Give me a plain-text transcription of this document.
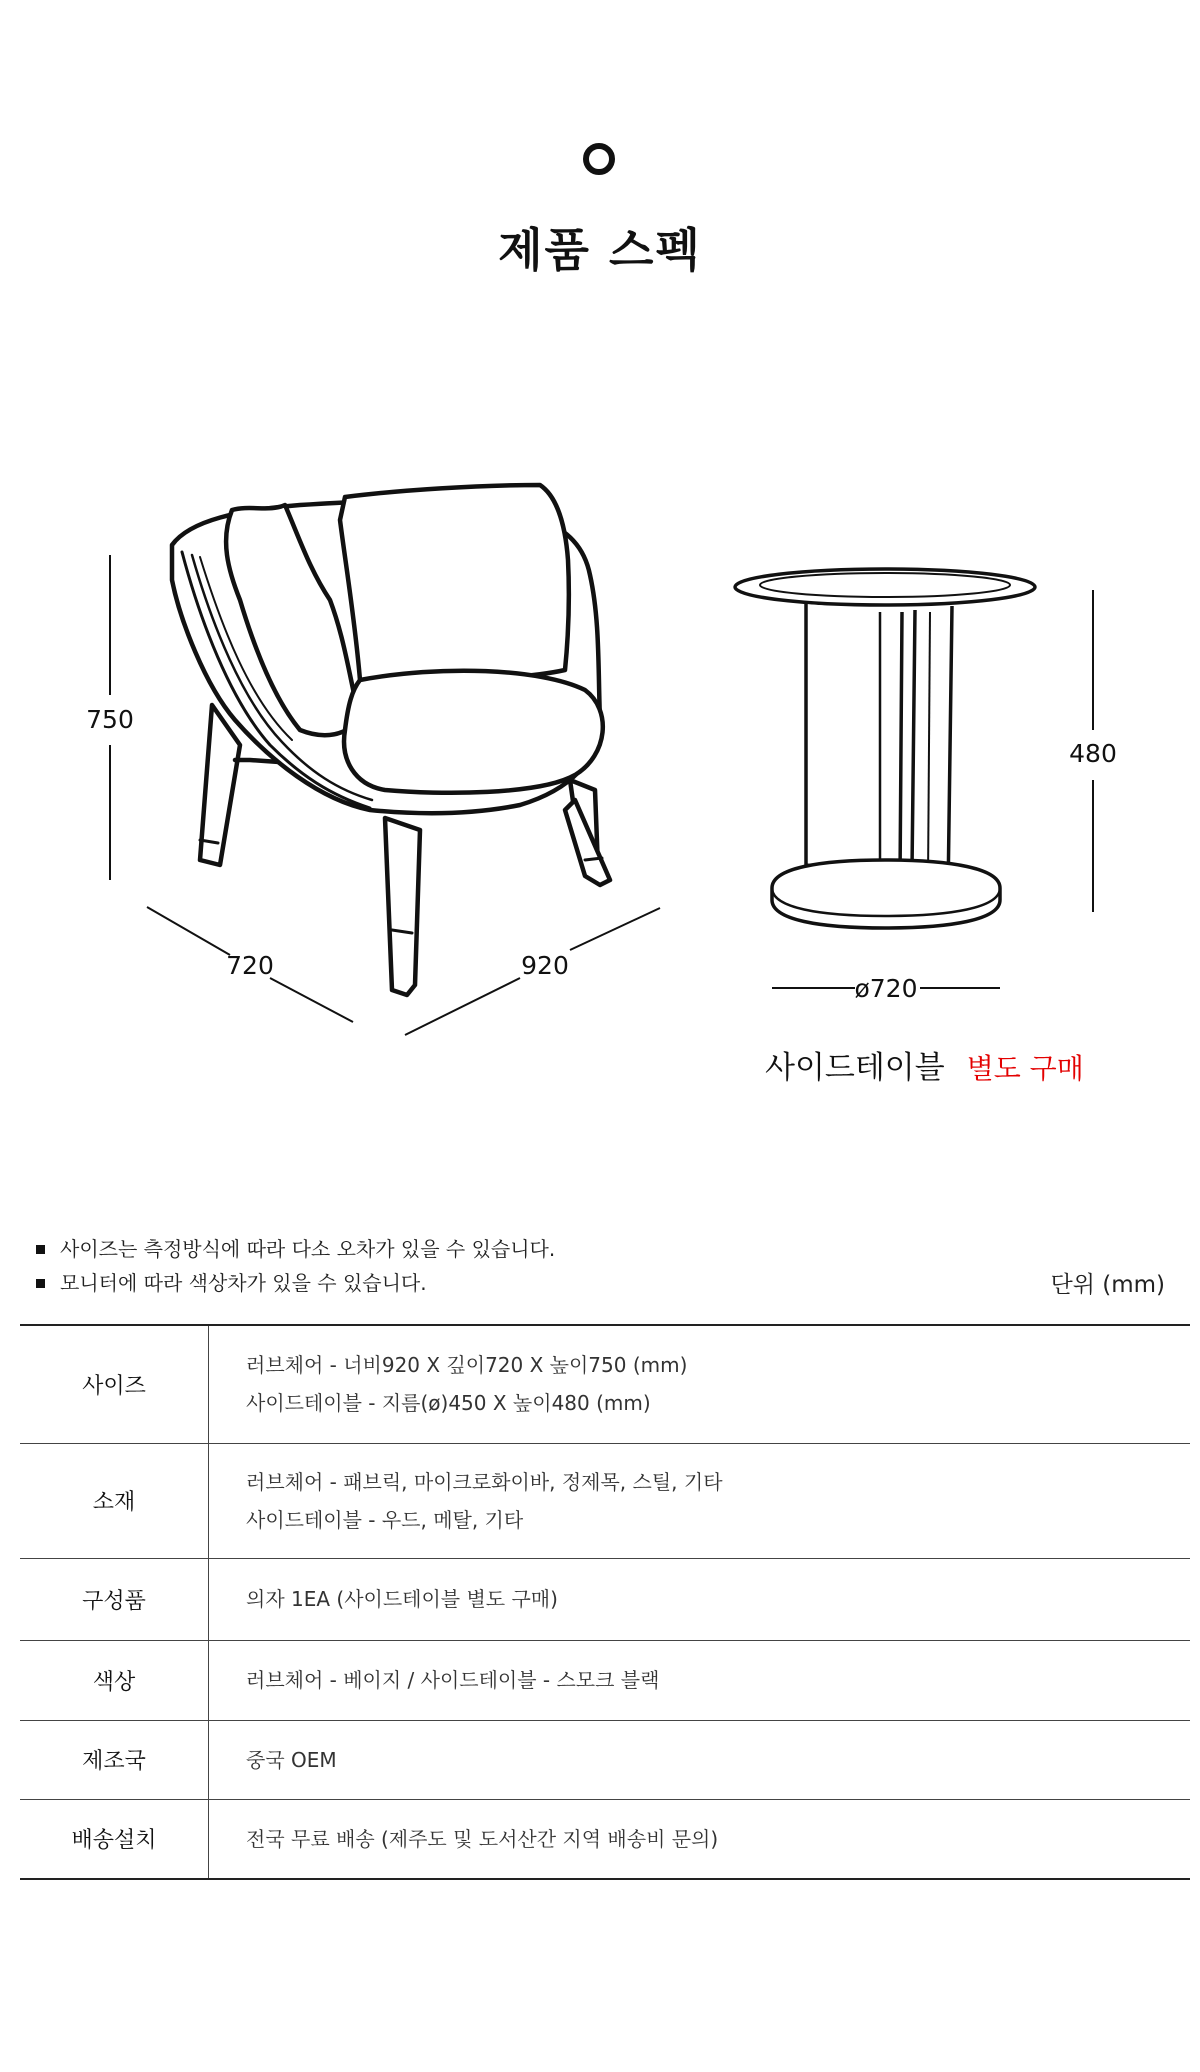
제품 스펙
750
720	920
480
ø720
사이드테이블 별도 구매
사이즈는 측정방식에 따라 다소 오차가 있을 수 있습니다.
모니터에 따라 색상차가 있을 수 있습니다.	단위 (mm)
사이즈	러브체어 - 너비920 X 깊이720 X 높이750 (mm)
사이드테이블 - 지름(ø)450 X 높이480 (mm)

소재	러브체어 - 패브릭, 마이크로화이바, 정제목, 스틸, 기타
사이드테이블 - 우드, 메탈, 기타

구성품	의자 1EA (사이드테이블 별도 구매)

색상	러브체어 - 베이지 / 사이드테이블 - 스모크 블랙

제조국	중국 OEM

배송설치	전국 무료 배송 (제주도 및 도서산간 지역 배송비 문의)
